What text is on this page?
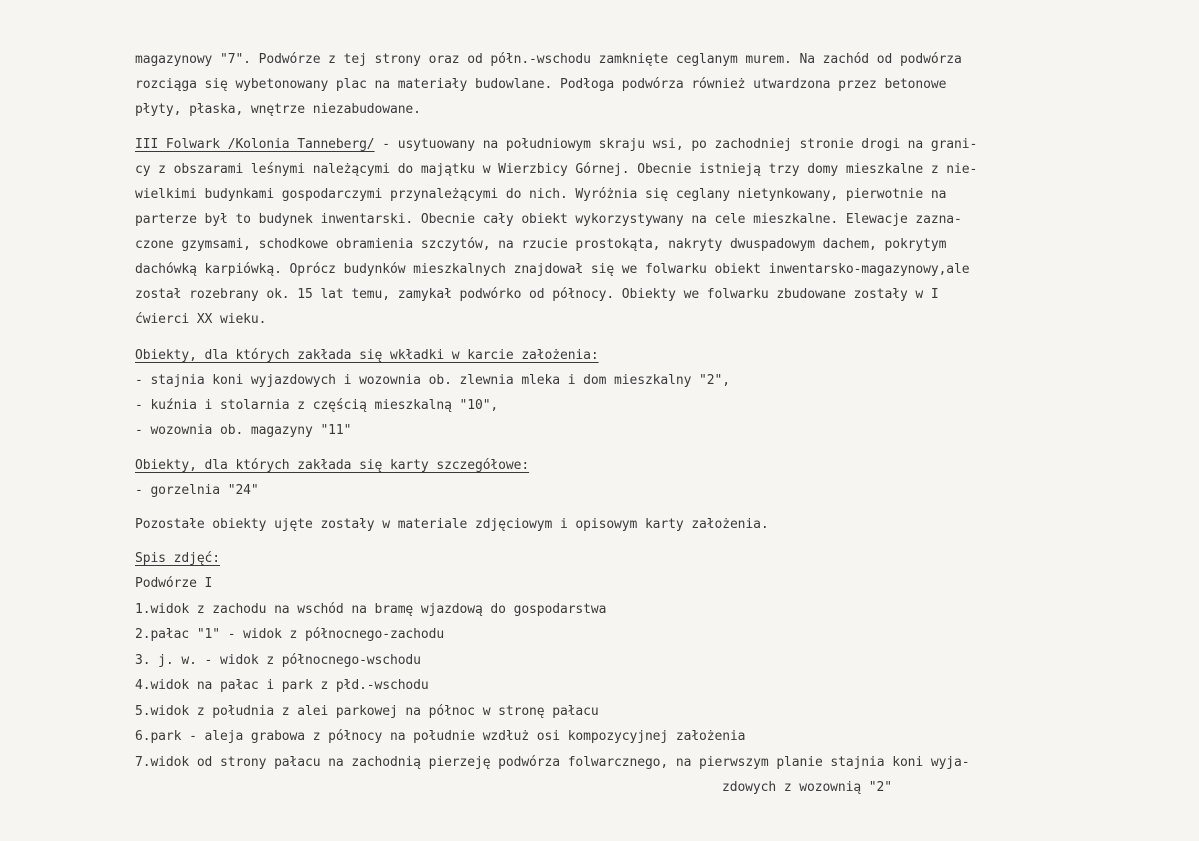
magazynowy "7". Podwórze z tej strony oraz od półn.-wschodu zamknięte ceglanym murem. Na zachód od podwórza
rozciąga się wybetonowany plac na materiały budowlane. Podłoga podwórza również utwardzona przez betonowe
płyty, płaska, wnętrze niezabudowane.
III Folwark /Kolonia Tanneberg/ - usytuowany na południowym skraju wsi, po zachodniej stronie drogi na grani-
cy z obszarami leśnymi należącymi do majątku w Wierzbicy Górnej. Obecnie istnieją trzy domy mieszkalne z nie-
wielkimi budynkami gospodarczymi przynależącymi do nich. Wyróżnia się ceglany nietynkowany, pierwotnie na
parterze był to budynek inwentarski. Obecnie cały obiekt wykorzystywany na cele mieszkalne. Elewacje zazna-
czone gzymsami, schodkowe obramienia szczytów, na rzucie prostokąta, nakryty dwuspadowym dachem, pokrytym
dachówką karpiówką. Oprócz budynków mieszkalnych znajdował się we folwarku obiekt inwentarsko-magazynowy,ale
został rozebrany ok. 15 lat temu, zamykał podwórko od północy. Obiekty we folwarku zbudowane zostały w I
ćwierci XX wieku.
Obiekty, dla których zakłada się wkładki w karcie założenia:
- stajnia koni wyjazdowych i wozownia ob. zlewnia mleka i dom mieszkalny "2",
- kuźnia i stolarnia z częścią mieszkalną "10",
- wozownia ob. magazyny "11"
Obiekty, dla których zakłada się karty szczegółowe:
- gorzelnia "24"
Pozostałe obiekty ujęte zostały w materiale zdjęciowym i opisowym karty założenia.
Spis zdjęć:
Podwórze I
1.widok z zachodu na wschód na bramę wjazdową do gospodarstwa
2.pałac "1" - widok z północnego-zachodu
3. j. w. - widok z północnego-wschodu
4.widok na pałac i park z płd.-wschodu
5.widok z południa z alei parkowej na północ w stronę pałacu
6.park - aleja grabowa z północy na południe wzdłuż osi kompozycyjnej założenia
7.widok od strony pałacu na zachodnią pierzeję podwórza folwarcznego, na pierwszym planie stajnia koni wyja-
zdowych z wozownią "2"
